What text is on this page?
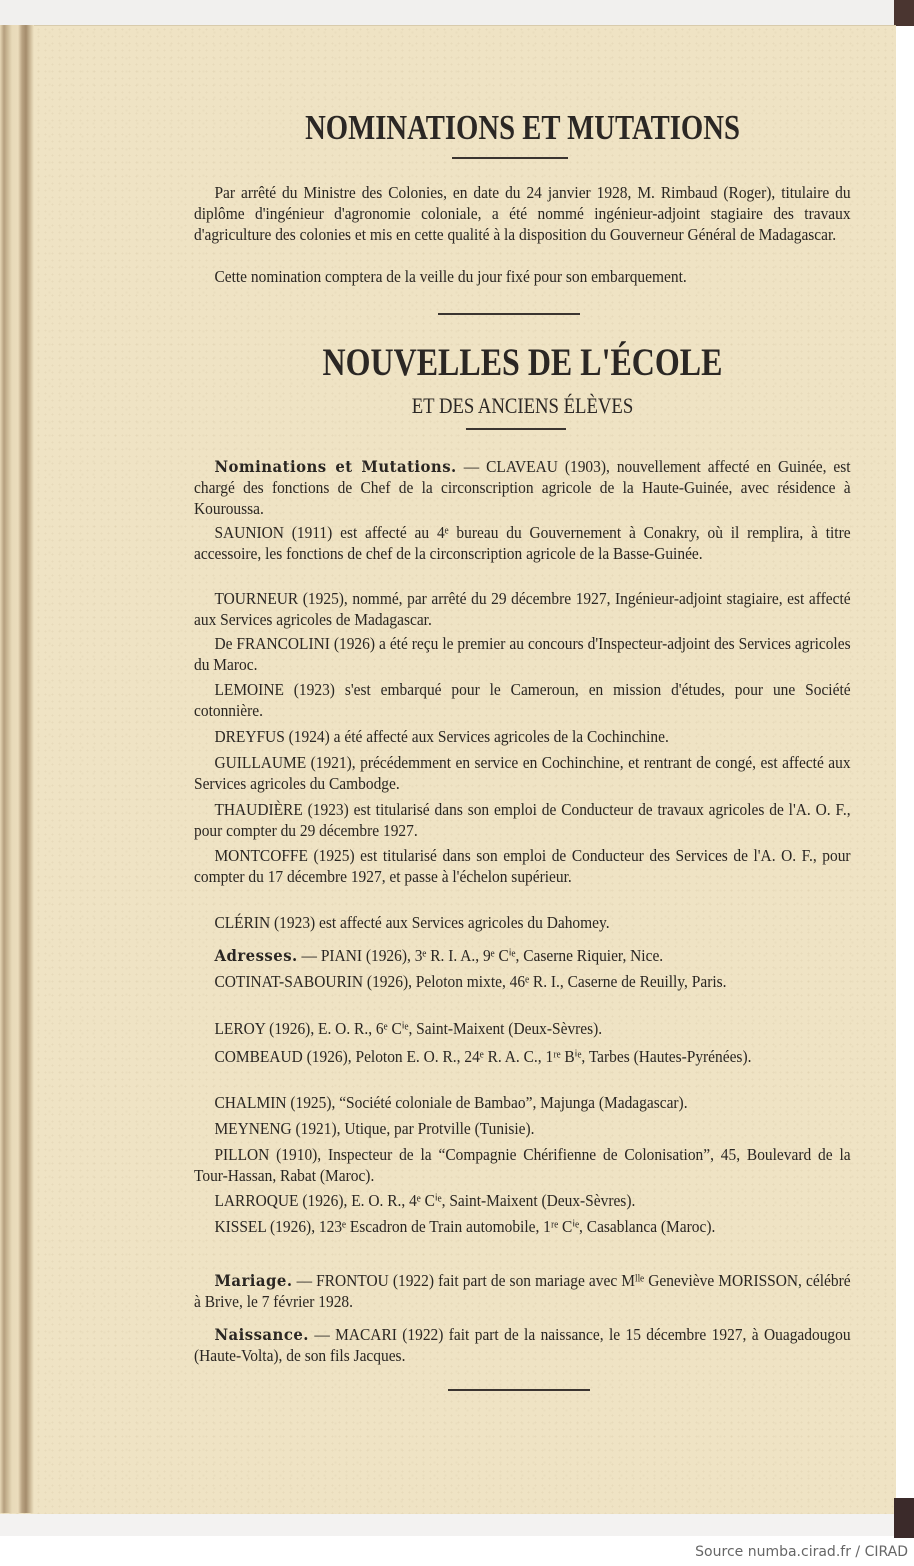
NOMINATIONS ET MUTATIONS
Par arrêté du Ministre des Colonies, en date du 24 janvier 1928, M. Rimbaud (Roger), titulaire du diplôme d'ingénieur d'agronomie coloniale, a été nommé ingénieur-adjoint stagiaire des travaux d'agriculture des colonies et mis en cette qualité à la disposition du Gouverneur Général de Madagascar.
Cette nomination comptera de la veille du jour fixé pour son embarquement.
NOUVELLES DE L'ÉCOLE
ET DES ANCIENS ÉLÈVES
Nominations et Mutations. — CLAVEAU (1903), nouvellement affecté en Guinée, est chargé des fonctions de Chef de la circonscription agricole de la Haute-Guinée, avec résidence à Kouroussa.
SAUNION (1911) est affecté au 4ᵉ bureau du Gouvernement à Conakry, où il remplira, à titre accessoire, les fonctions de chef de la circonscription agricole de la Basse-Guinée.
TOURNEUR (1925), nommé, par arrêté du 29 décembre 1927, Ingénieur-adjoint stagiaire, est affecté aux Services agricoles de Madagascar.
De FRANCOLINI (1926) a été reçu le premier au concours d'Inspecteur-adjoint des Services agricoles du Maroc.
LEMOINE (1923) s'est embarqué pour le Cameroun, en mission d'études, pour une Société cotonnière.
DREYFUS (1924) a été affecté aux Services agricoles de la Cochinchine.
GUILLAUME (1921), précédemment en service en Cochinchine, et rentrant de congé, est affecté aux Services agricoles du Cambodge.
THAUDIÈRE (1923) est titularisé dans son emploi de Conducteur de travaux agricoles de l'A. O. F., pour compter du 29 décembre 1927.
MONTCOFFE (1925) est titularisé dans son emploi de Conducteur des Services de l'A. O. F., pour compter du 17 décembre 1927, et passe à l'échelon supérieur.
CLÉRIN (1923) est affecté aux Services agricoles du Dahomey.
Adresses. — PIANI (1926), 3ᵉ R. I. A., 9ᵉ Cⁱᵉ, Caserne Riquier, Nice.
COTINAT-SABOURIN (1926), Peloton mixte, 46ᵉ R. I., Caserne de Reuilly, Paris.
LEROY (1926), E. O. R., 6ᵉ Cⁱᵉ, Saint-Maixent (Deux-Sèvres).
COMBEAUD (1926), Peloton E. O. R., 24ᵉ R. A. C., 1ʳᵉ Bⁱᵉ, Tarbes (Hautes-Pyrénées).
CHALMIN (1925), “Société coloniale de Bambao”, Majunga (Madagascar).
MEYNENG (1921), Utique, par Protville (Tunisie).
PILLON (1910), Inspecteur de la “Compagnie Chérifienne de Colonisation”, 45, Boulevard de la Tour-Hassan, Rabat (Maroc).
LARROQUE (1926), E. O. R., 4ᵉ Cⁱᵉ, Saint-Maixent (Deux-Sèvres).
KISSEL (1926), 123ᵉ Escadron de Train automobile, 1ʳᵉ Cⁱᵉ, Casablanca (Maroc).
Mariage. — FRONTOU (1922) fait part de son mariage avec Mˡˡᵉ Geneviève MORISSON, célébré à Brive, le 7 février 1928.
Naissance. — MACARI (1922) fait part de la naissance, le 15 décembre 1927, à Ouagadougou (Haute-Volta), de son fils Jacques.
Source numba.cirad.fr / CIRAD
